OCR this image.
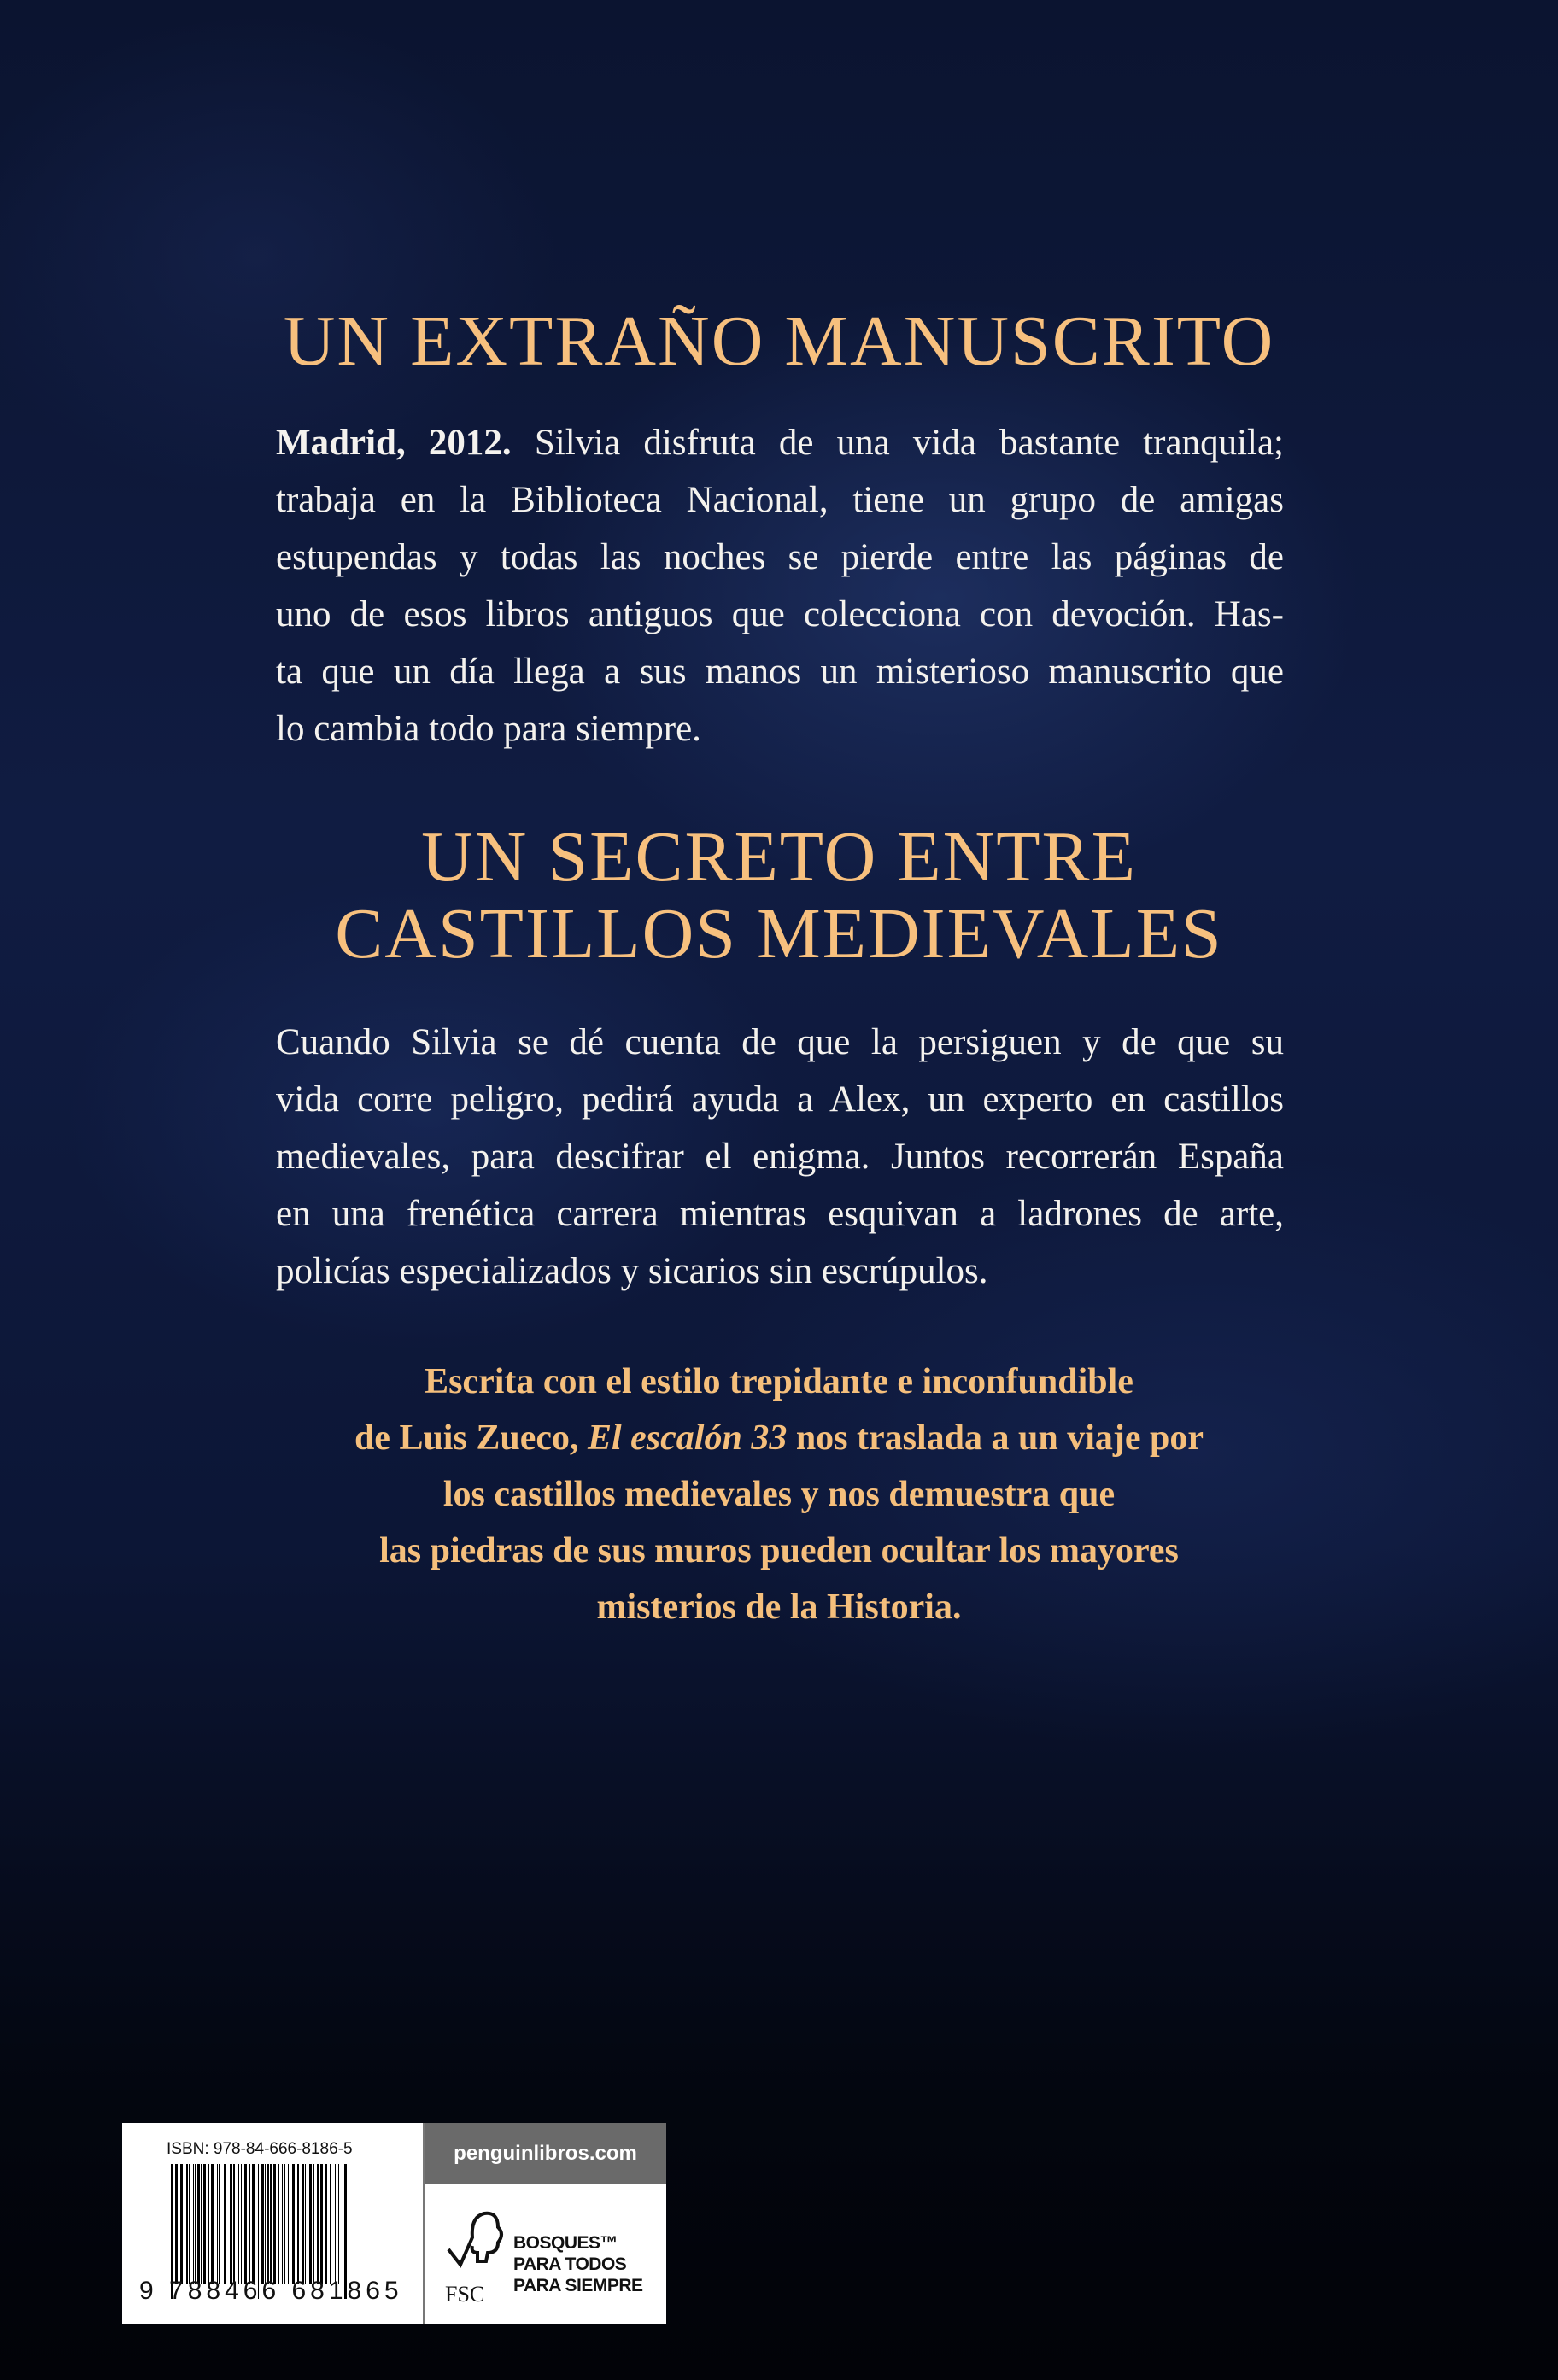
UN EXTRAÑO MANUSCRITO
Madrid, 2012. Silvia disfruta de una vida bastante tranquila;
trabaja en la Biblioteca Nacional, tiene un grupo de amigas
estupendas y todas las noches se pierde entre las páginas de
uno de esos libros antiguos que colecciona con devoción. Has-
ta que un día llega a sus manos un misterioso manuscrito que
lo cambia todo para siempre.
UN SECRETO ENTRE
CASTILLOS MEDIEVALES
Cuando Silvia se dé cuenta de que la persiguen y de que su
vida corre peligro, pedirá ayuda a Alex, un experto en castillos
medievales, para descifrar el enigma. Juntos recorrerán España
en una frenética carrera mientras esquivan a ladrones de arte,
policías especializados y sicarios sin escrúpulos.
Escrita con el estilo trepidante e inconfundible
de Luis Zueco, El escalón 33 nos traslada a un viaje por
los castillos medievales y nos demuestra que
las piedras de sus muros pueden ocultar los mayores
misterios de la Historia.
ISBN: 978-84-666-8186-5
9 788466 681865
penguinlibros.com
FSC
BOSQUES™
PARA TODOS
PARA SIEMPRE
